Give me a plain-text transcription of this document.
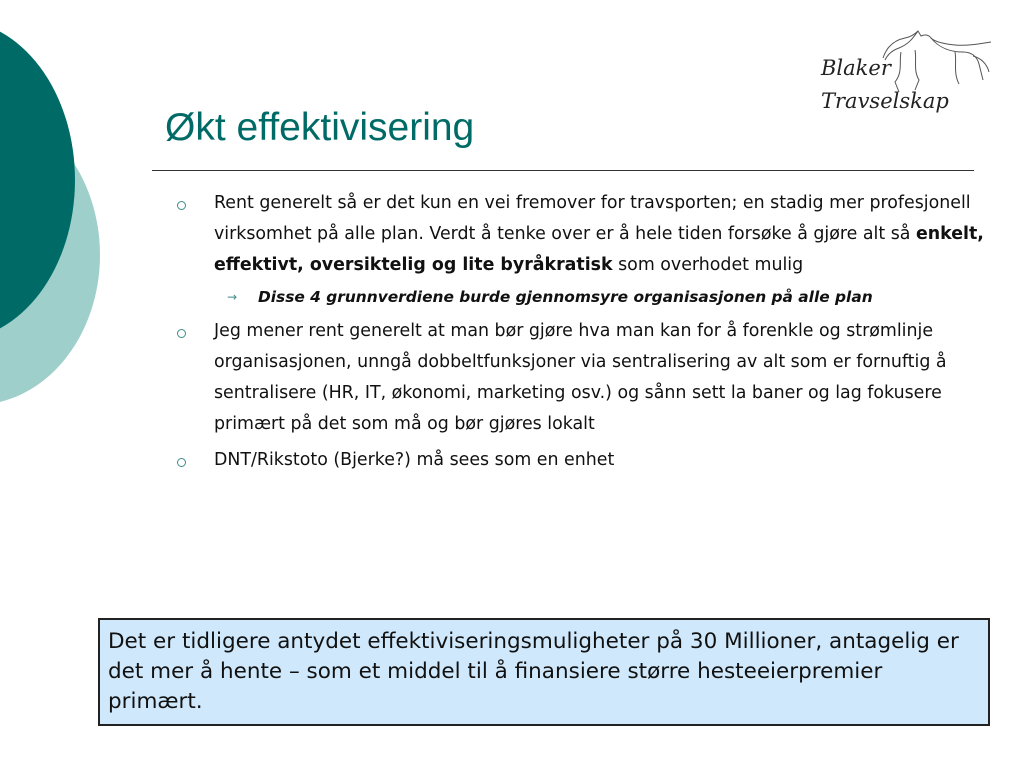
Blaker
Travselskap
Økt effektivisering
Rent generelt så er det kun en vei fremover for travsporten; en stadig mer profesjonell virksomhet på alle plan. Verdt å tenke over er å hele tiden forsøke å gjøre alt så enkelt, effektivt, oversiktelig og lite byråkratisk som overhodet mulig
→ Disse 4 grunnverdiene burde gjennomsyre organisasjonen på alle plan
Jeg mener rent generelt at man bør gjøre hva man kan for å forenkle og strømlinje organisasjonen, unngå dobbeltfunksjoner via sentralisering av alt som er fornuftig å sentralisere (HR, IT, økonomi, marketing osv.) og sånn sett la baner og lag fokusere primært på det som må og bør gjøres lokalt
DNT/Rikstoto (Bjerke?) må sees som en enhet
Det er tidligere antydet effektiviseringsmuligheter på 30 Millioner, antagelig er det mer å hente – som et middel til å finansiere større hesteeierpremier primært.
